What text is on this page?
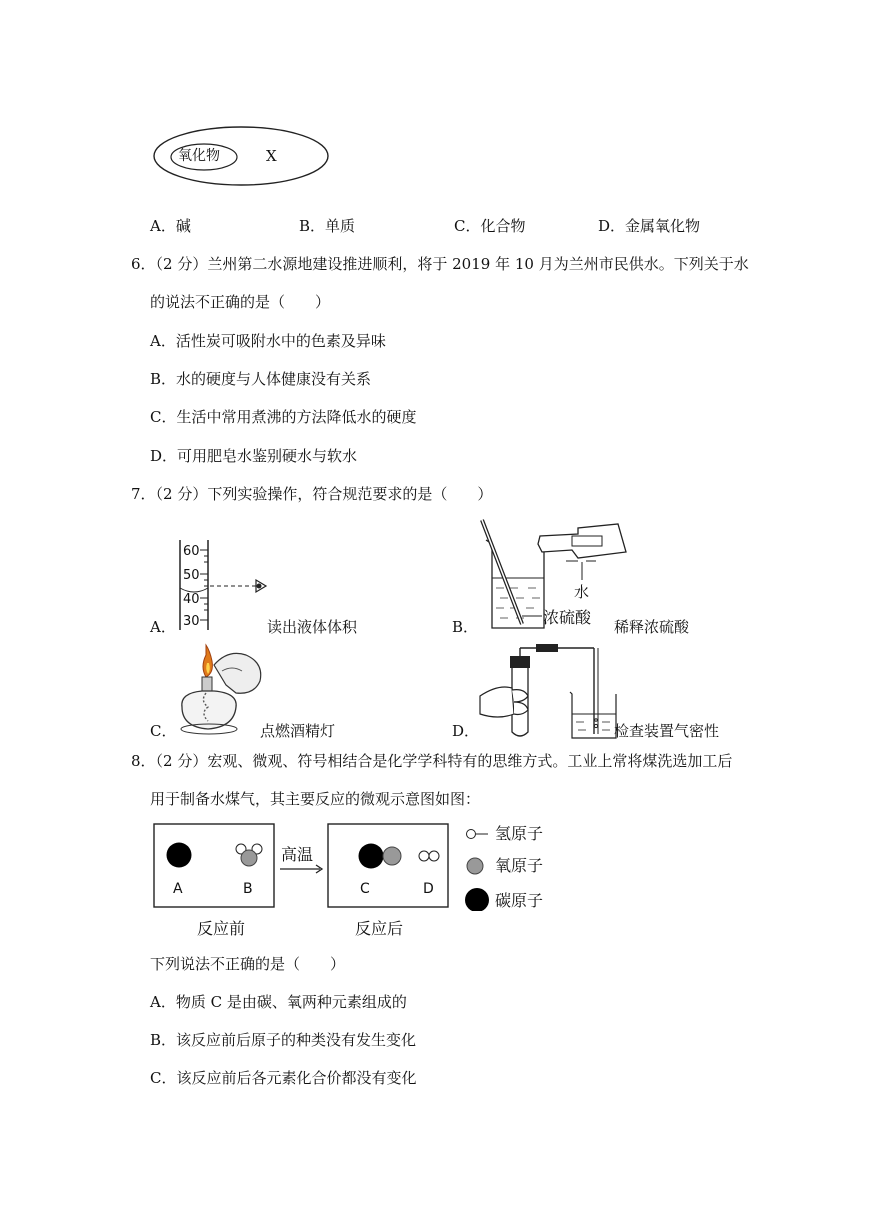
氧化物	X
A．碱	B．单质	C．化合物	D．金属氧化物
6．（2 分）兰州第二水源地建设推进顺利，将于 2019 年 10 月为兰州市民供水。下列关于水
的说法不正确的是（　　）
A．活性炭可吸附水中的色素及异味
B．水的硬度与人体健康没有关系
C．生活中常用煮沸的方法降低水的硬度
D．可用肥皂水鉴别硬水与软水
7．（2 分）下列实验操作，符合规范要求的是（　　）
60
50
40
30
A．	读出液体体积
水
浓硫酸
B．	稀释浓硫酸
C．	点燃酒精灯	D．	检查装置气密性
8．（2 分）宏观、微观、符号相结合是化学学科特有的思维方式。工业上常将煤洗选加工后
用于制备水煤气，其主要反应的微观示意图如图：
A	B
高温
C	D
氢原子
氧原子
碳原子
反应前	反应后
下列说法不正确的是（　　）
A．物质 C 是由碳、氧两种元素组成的
B．该反应前后原子的种类没有发生变化
C．该反应前后各元素化合价都没有变化
